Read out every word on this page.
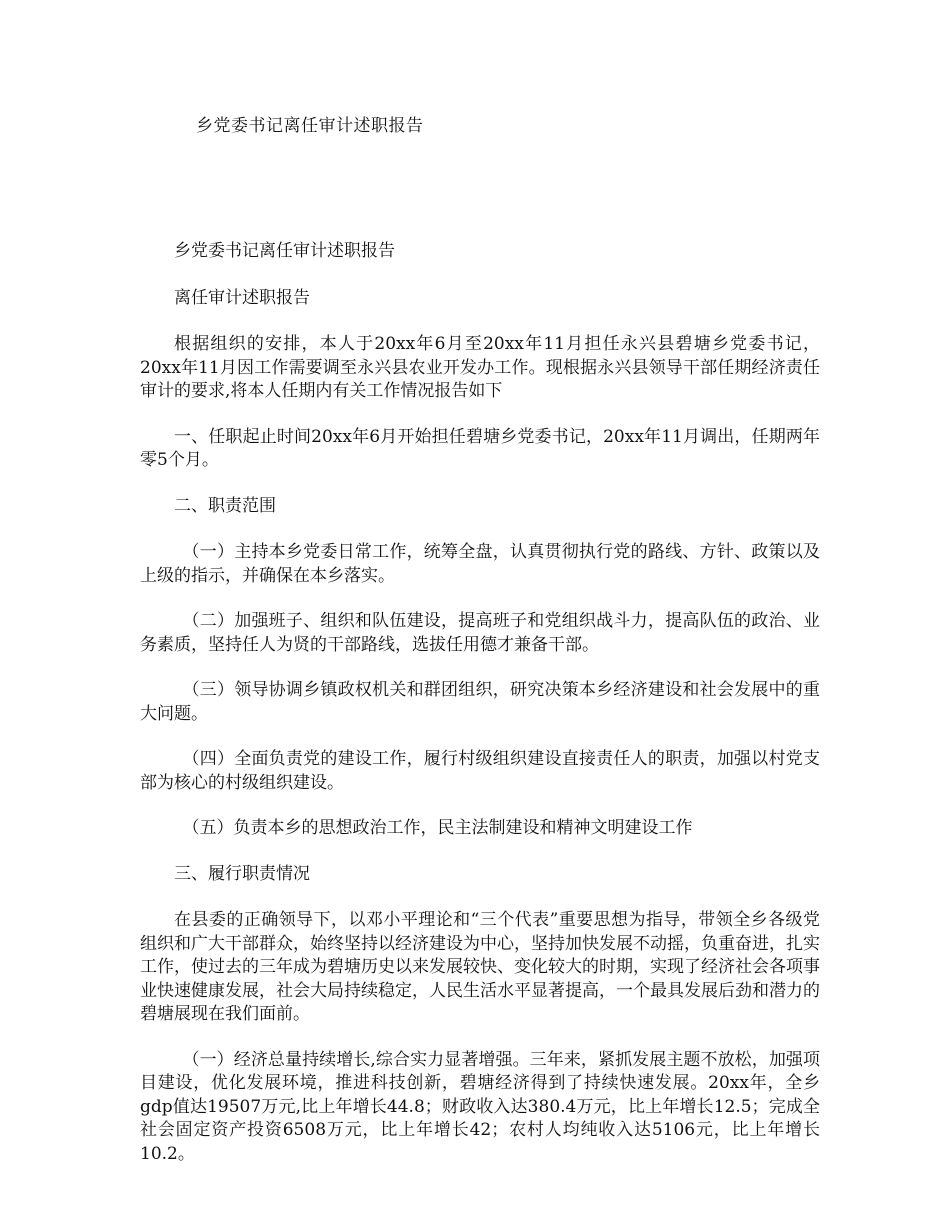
乡党委书记离任审计述职报告

乡党委书记离任审计述职报告

离任审计述职报告

根据组织的安排，本人于20xx年6月至20xx年11月担任永兴县碧塘乡党委书记，20xx年11月因工作需要调至永兴县农业开发办工作。现根据永兴县领导干部任期经济责任审计的要求,将本人任期内有关工作情况报告如下

一、任职起止时间20xx年6月开始担任碧塘乡党委书记，20xx年11月调出，任期两年零5个月。

二、职责范围

（一）主持本乡党委日常工作，统筹全盘，认真贯彻执行党的路线、方针、政策以及上级的指示，并确保在本乡落实。

（二）加强班子、组织和队伍建设，提高班子和党组织战斗力，提高队伍的政治、业务素质，坚持任人为贤的干部路线，选拔任用德才兼备干部。

（三）领导协调乡镇政权机关和群团组织，研究决策本乡经济建设和社会发展中的重大问题。

（四）全面负责党的建设工作，履行村级组织建设直接责任人的职责，加强以村党支部为核心的村级组织建设。

（五）负责本乡的思想政治工作，民主法制建设和精神文明建设工作

三、履行职责情况

在县委的正确领导下，以邓小平理论和“三个代表”重要思想为指导，带领全乡各级党组织和广大干部群众，始终坚持以经济建设为中心，坚持加快发展不动摇，负重奋进，扎实工作，使过去的三年成为碧塘历史以来发展较快、变化较大的时期，实现了经济社会各项事业快速健康发展，社会大局持续稳定，人民生活水平显著提高，一个最具发展后劲和潜力的碧塘展现在我们面前。

（一）经济总量持续增长,综合实力显著增强。三年来，紧抓发展主题不放松，加强项目建设，优化发展环境，推进科技创新，碧塘经济得到了持续快速发展。20xx年，全乡gdp值达19507万元,比上年增长44.8；财政收入达380.4万元，比上年增长12.5；完成全社会固定资产投资6508万元，比上年增长42；农村人均纯收入达5106元，比上年增长10.2。
